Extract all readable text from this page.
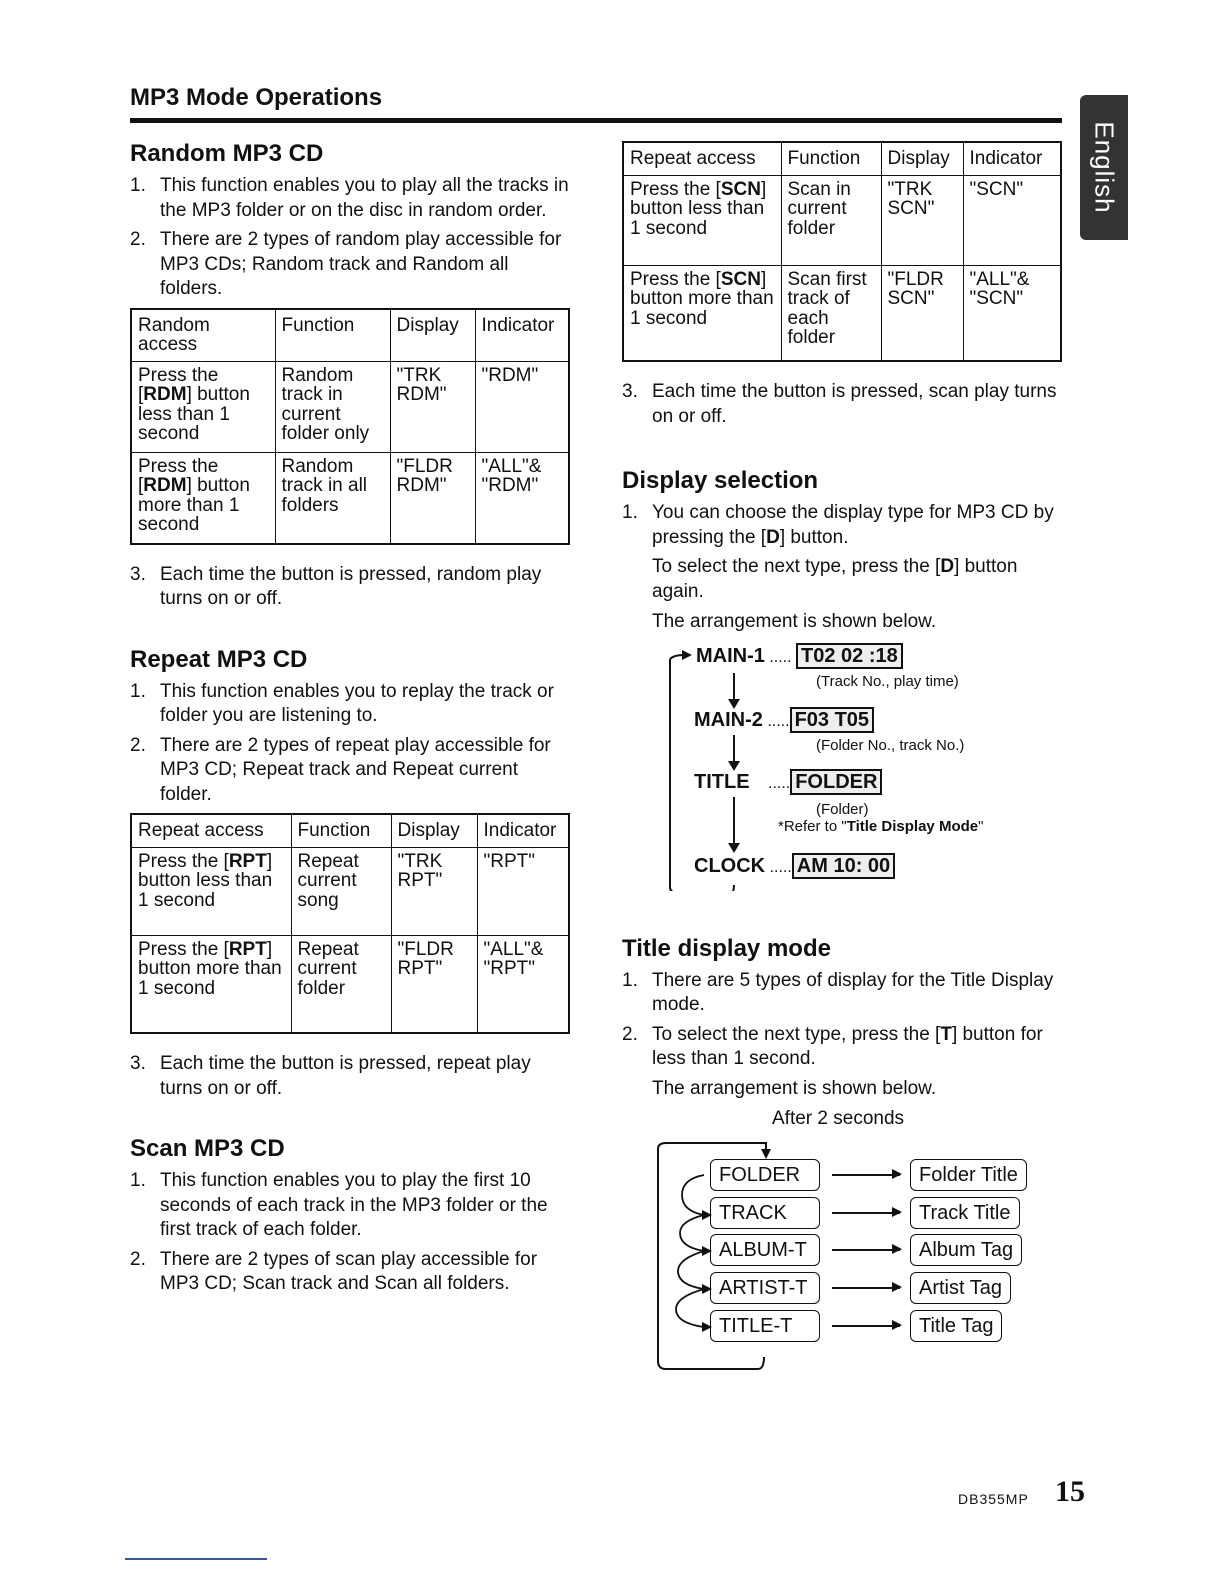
MP3 Mode Operations
English
Random MP3 CD
1. This function enables you to play all the tracks in the MP3 folder or on the disc in random order.
2. There are 2 types of random play accessible for MP3 CDs; Random track and Random all folders.
Random access	Function	Display	Indicator
Press the [RDM] button less than 1 second	Random track in current folder only	"TRK RDM"	"RDM"
Press the [RDM] button more than 1 second	Random track in all folders	"FLDR RDM"	"ALL"& "RDM"
3. Each time the button is pressed, random play turns on or off.
Repeat MP3 CD
1. This function enables you to replay the track or folder you are listening to.
2. There are 2 types of repeat play accessible for MP3 CD; Repeat track and Repeat current folder.
Repeat access	Function	Display	Indicator
Press the [RPT] button less than 1 second	Repeat current song	"TRK RPT"	"RPT"
Press the [RPT] button more than 1 second	Repeat current folder	"FLDR RPT"	"ALL"& "RPT"
3. Each time the button is pressed, repeat play turns on or off.
Scan MP3 CD
1. This function enables you to play the first 10 seconds of each track in the MP3 folder or the first track of each folder.
2. There are 2 types of scan play accessible for MP3 CD; Scan track and Scan all folders.
Repeat access	Function	Display	Indicator
Press the [SCN] button less than 1 second	Scan in current folder	"TRK SCN"	"SCN"
Press the [SCN] button more than 1 second	Scan first track of each folder	"FLDR SCN"	"ALL"& "SCN"
3. Each time the button is pressed, scan play turns on or off.
Display selection
1. You can choose the display type for MP3 CD by pressing the [D] button.

To select the next type, press the [D] button again.

The arrangement is shown below.

MAIN-1 ..... T02 02 :18
(Track No., play time)
MAIN-2 ..... F03 T05
(Folder No., track No.)
TITLE ..... FOLDER
(Folder)
*Refer to "Title Display Mode"
CLOCK ..... AM 10: 00
Title display mode
1. There are 5 types of display for the Title Display mode.
2. To select the next type, press the [T] button for less than 1 second.

The arrangement is shown below.

After 2 seconds
FOLDER	Folder Title
TRACK	Track Title
ALBUM-T	Album Tag
ARTIST-T	Artist Tag
TITLE-T	Title Tag
DB355MP 15
